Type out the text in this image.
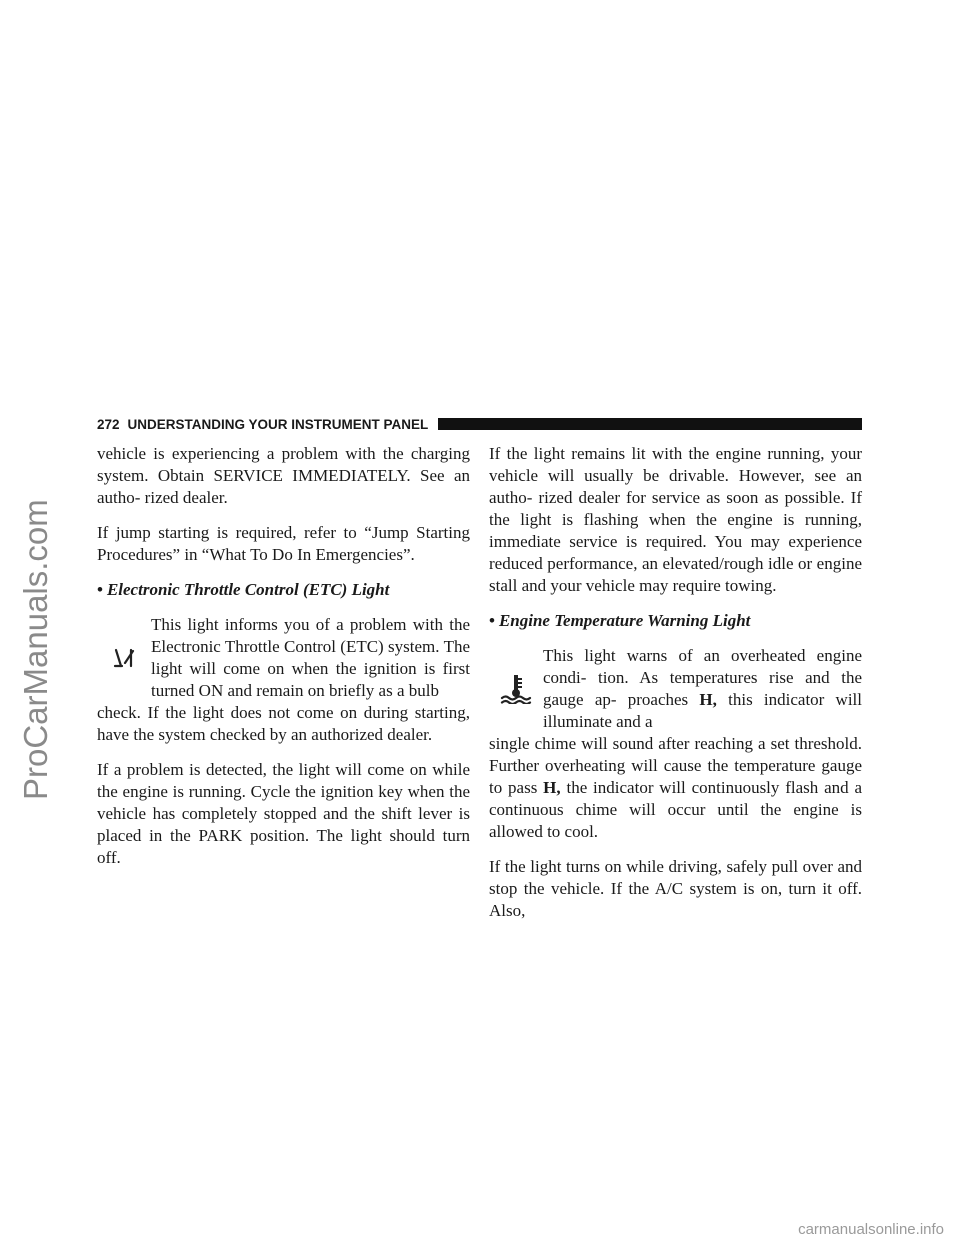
ProCarManuals.com
272 UNDERSTANDING YOUR INSTRUMENT PANEL

vehicle is experiencing a problem with the charging system. Obtain SERVICE IMMEDIATELY. See an autho- rized dealer.

If jump starting is required, refer to “Jump Starting Procedures” in “What To Do In Emergencies”.

• Electronic Throttle Control (ETC) Light

This light informs you of a problem with the Electronic Throttle Control (ETC) system. The light will come on when the ignition is first turned ON and remain on briefly as a bulb

check. If the light does not come on during starting, have the system checked by an authorized dealer.

If a problem is detected, the light will come on while the engine is running. Cycle the ignition key when the vehicle has completely stopped and the shift lever is placed in the PARK position. The light should turn off.

If the light remains lit with the engine running, your vehicle will usually be drivable. However, see an autho- rized dealer for service as soon as possible. If the light is flashing when the engine is running, immediate service is required. You may experience reduced performance, an elevated/rough idle or engine stall and your vehicle may require towing.

• Engine Temperature Warning Light

This light warns of an overheated engine condi- tion. As temperatures rise and the gauge ap- proaches H, this indicator will illuminate and a

single chime will sound after reaching a set threshold. Further overheating will cause the temperature gauge to pass H, the indicator will continuously flash and a continuous chime will occur until the engine is allowed to cool.

If the light turns on while driving, safely pull over and stop the vehicle. If the A/C system is on, turn it off. Also,

carmanualsonline.info
